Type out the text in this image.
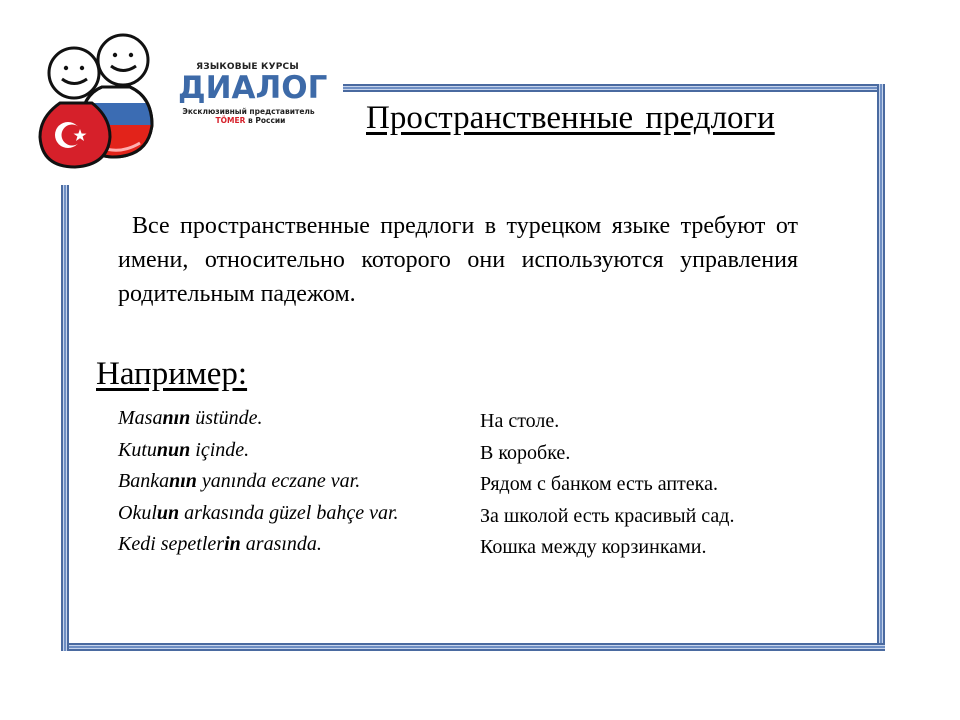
ЯЗЫКОВЫЕ КУРСЫ
ДИАЛОГ
Эксклюзивный представитель
TÖMER в России	Пространственные предлоги
Все пространственные предлоги в турецком языке требуют от имени, относительно которого они используются управления родительным падежом.
Например:
Masanın üstünde.	На столе.
Kutunun içinde.	В коробке.
Bankanın yanında eczane var.	Рядом с банком есть аптека.
Okulun arkasında güzel bahçe var.	За школой есть красивый сад.
Kedi sepetlerin arasında.	Кошка между корзинками.
